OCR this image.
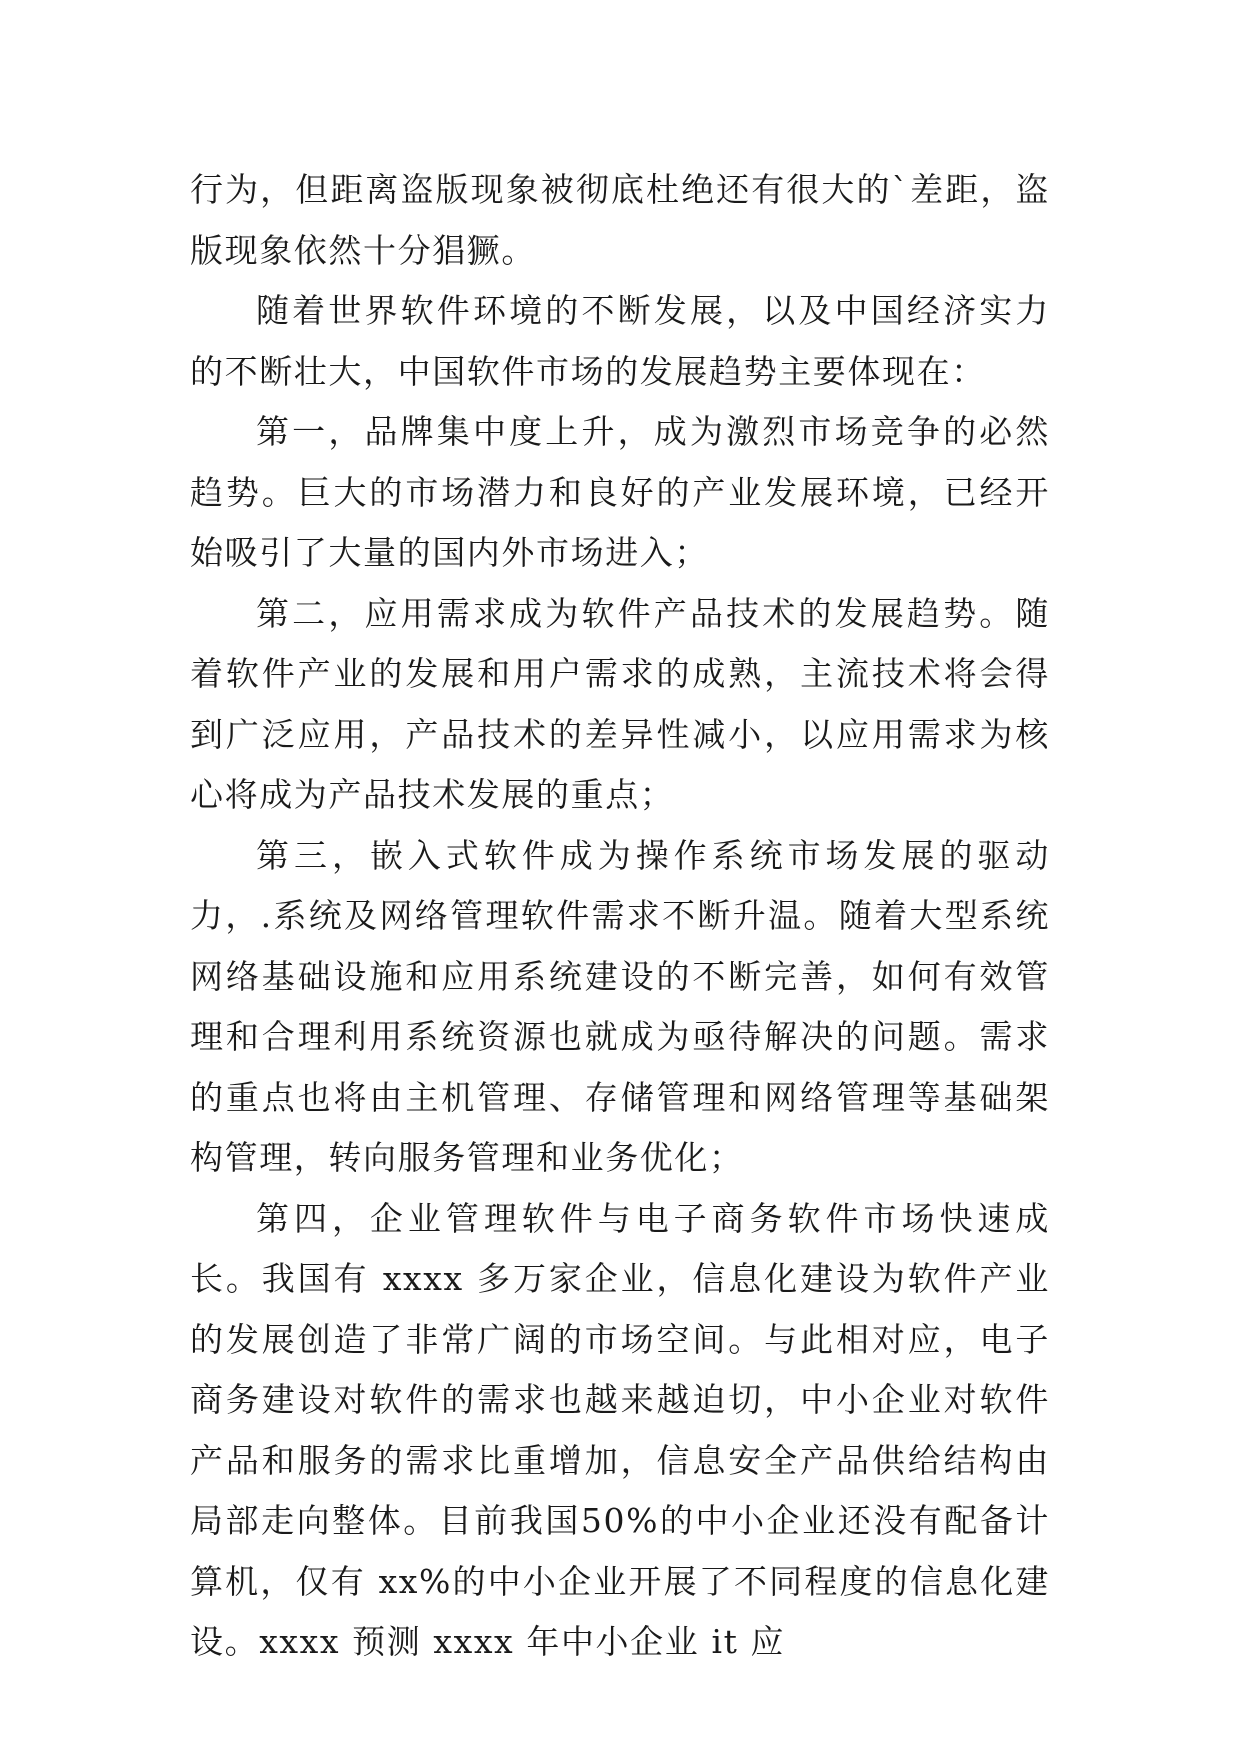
行为，但距离盗版现象被彻底杜绝还有很大的`差距，盗版现象依然十分猖獗。

随着世界软件环境的不断发展，以及中国经济实力的不断壮大，中国软件市场的发展趋势主要体现在：

第一，品牌集中度上升，成为激烈市场竞争的必然趋势。巨大的市场潜力和良好的产业发展环境，已经开始吸引了大量的国内外市场进入；

第二，应用需求成为软件产品技术的发展趋势。随着软件产业的发展和用户需求的成熟，主流技术将会得到广泛应用，产品技术的差异性减小，以应用需求为核心将成为产品技术发展的重点；

第三，嵌入式软件成为操作系统市场发展的驱动力，.系统及网络管理软件需求不断升温。随着大型系统网络基础设施和应用系统建设的不断完善，如何有效管理和合理利用系统资源也就成为亟待解决的问题。需求的重点也将由主机管理、存储管理和网络管理等基础架构管理，转向服务管理和业务优化；

第四，企业管理软件与电子商务软件市场快速成长。我国有 xxxx 多万家企业，信息化建设为软件产业的发展创造了非常广阔的市场空间。与此相对应，电子商务建设对软件的需求也越来越迫切，中小企业对软件产品和服务的需求比重增加，信息安全产品供给结构由局部走向整体。目前我国50%的中小企业还没有配备计算机，仅有 xx%的中小企业开展了不同程度的信息化建设。xxxx 预测 xxxx 年中小企业 it 应
